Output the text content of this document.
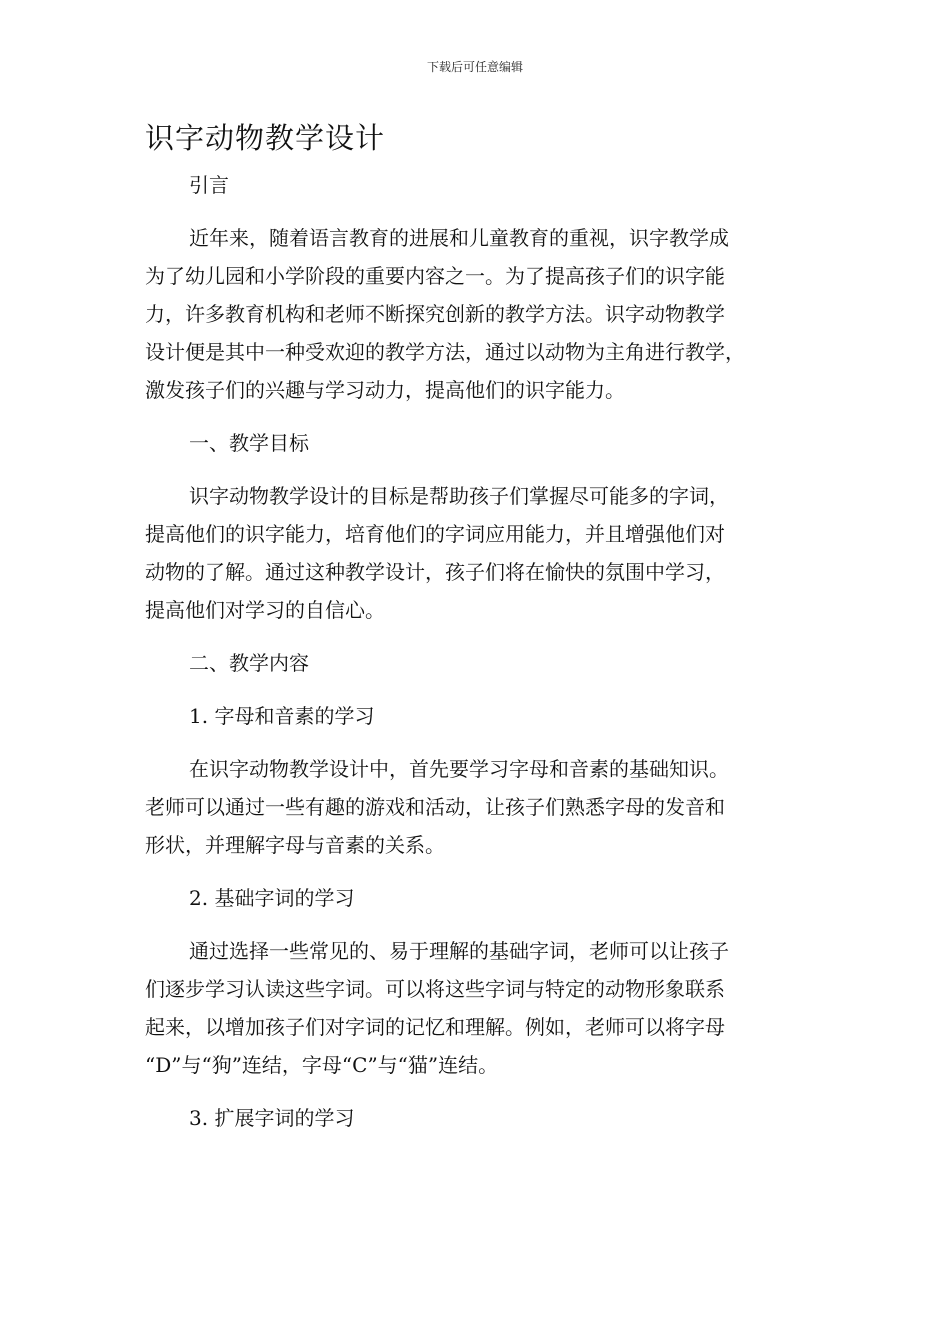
下载后可任意编辑
识字动物教学设计

引言

近年来，随着语言教育的进展和儿童教育的重视，识字教学成

为了幼儿园和小学阶段的重要内容之一。为了提高孩子们的识字能

力，许多教育机构和老师不断探究创新的教学方法。识字动物教学

设计便是其中一种受欢迎的教学方法，通过以动物为主角进行教学，

激发孩子们的兴趣与学习动力，提高他们的识字能力。

一、教学目标

识字动物教学设计的目标是帮助孩子们掌握尽可能多的字词，

提高他们的识字能力，培育他们的字词应用能力，并且增强他们对

动物的了解。通过这种教学设计，孩子们将在愉快的氛围中学习，

提高他们对学习的自信心。

二、教学内容

1. 字母和音素的学习

在识字动物教学设计中，首先要学习字母和音素的基础知识。

老师可以通过一些有趣的游戏和活动，让孩子们熟悉字母的发音和

形状，并理解字母与音素的关系。

2. 基础字词的学习

通过选择一些常见的、易于理解的基础字词，老师可以让孩子

们逐步学习认读这些字词。可以将这些字词与特定的动物形象联系

起来，以增加孩子们对字词的记忆和理解。例如，老师可以将字母

“D”与“狗”连结，字母“C”与“猫”连结。

3. 扩展字词的学习
